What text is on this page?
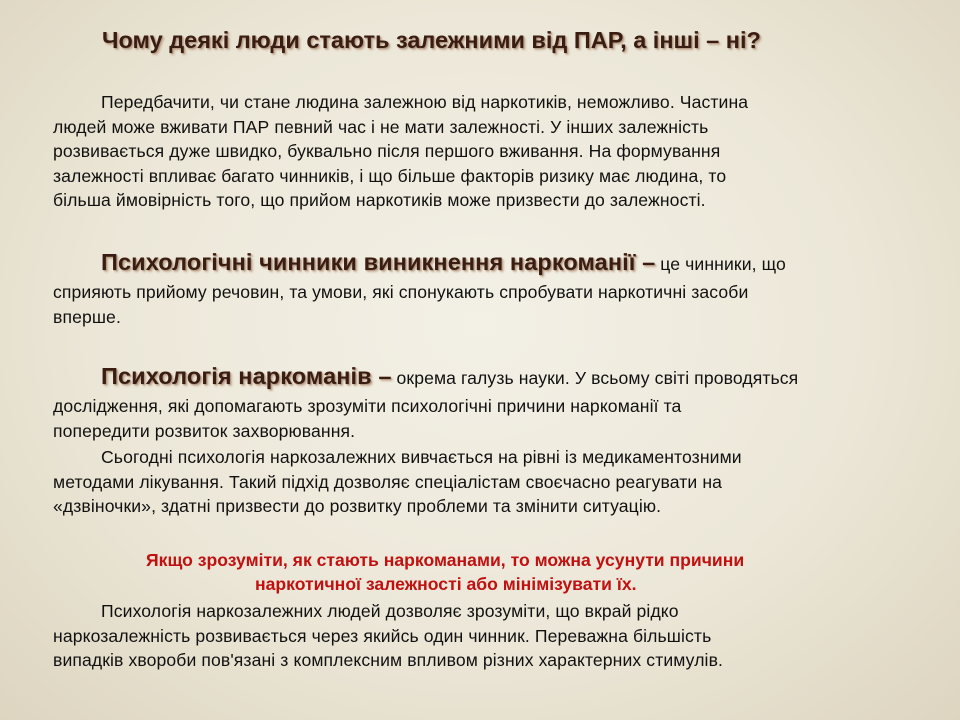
Чому деякі люди стають залежними від ПАР, а інші – ні?
Передбачити, чи стане людина залежною від наркотиків, неможливо. Частина
людей може вживати ПАР певний час і не мати залежності. У інших залежність
розвивається дуже швидко, буквально після першого вживання. На формування
залежності впливає багато чинників, і що більше факторів ризику має людина, то
більша ймовірність того, що прийом наркотиків може призвести до залежності.
Психологічні чинники виникнення наркоманії – це чинники, що
сприяють прийому речовин, та умови, які спонукають спробувати наркотичні засоби
вперше.
Психологія наркоманів – окрема галузь науки. У всьому світі проводяться
дослідження, які допомагають зрозуміти психологічні причини наркоманії та
попередити розвиток захворювання.
Сьогодні психологія наркозалежних вивчається на рівні із медикаментозними
методами лікування. Такий підхід дозволяє спеціалістам своєчасно реагувати на
«дзвіночки», здатні призвести до розвитку проблеми та змінити ситуацію.
Якщо зрозуміти, як стають наркоманами, то можна усунути причини
наркотичної залежності або мінімізувати їх.
Психологія наркозалежних людей дозволяє зрозуміти, що вкрай рідко
наркозалежність розвивається через якийсь один чинник. Переважна більшість
випадків хвороби пов'язані з комплексним впливом різних характерних стимулів.
